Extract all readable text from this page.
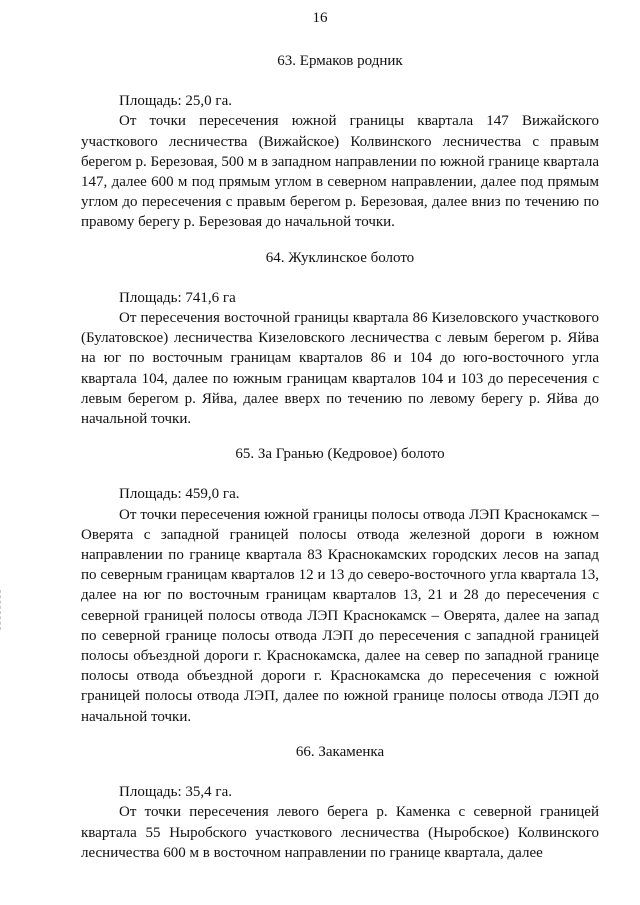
16

63. Ермаков родник

Площадь: 25,0 га.

От точки пересечения южной границы квартала 147 Вижайского участкового лесничества (Вижайское) Колвинского лесничества с правым берегом р. Березовая, 500 м в западном направлении по южной границе квартала 147, далее 600 м под прямым углом в северном направлении, далее под прямым углом до пересечения с правым берегом р. Березовая, далее вниз по течению по правому берегу р. Березовая до начальной точки.

64. Жуклинское болото

Площадь: 741,6 га

От пересечения восточной границы квартала 86 Кизеловского участкового (Булатовское) лесничества Кизеловского лесничества с левым берегом р. Яйва на юг по восточным границам кварталов 86 и 104 до юго-восточного угла квартала 104, далее по южным границам кварталов 104 и 103 до пересечения с левым берегом р. Яйва, далее вверх по течению по левому берегу р. Яйва до начальной точки.

65. За Гранью (Кедровое) болото

Площадь: 459,0 га.

От точки пересечения южной границы полосы отвода ЛЭП Краснокамск – Оверята с западной границей полосы отвода железной дороги в южном направлении по границе квартала 83 Краснокамских городских лесов на запад по северным границам кварталов 12 и 13 до северо-восточного угла квартала 13, далее на юг по восточным границам кварталов 13, 21 и 28 до пересечения с северной границей полосы отвода ЛЭП Краснокамск – Оверята, далее на запад по северной границе полосы отвода ЛЭП до пересечения с западной границей полосы объездной дороги г. Краснокамска, далее на север по западной границе полосы отвода объездной дороги г. Краснокамска до пересечения с южной границей полосы отвода ЛЭП, далее по южной границе полосы отвода ЛЭП до начальной точки.

66. Закаменка

Площадь: 35,4 га.

От точки пересечения левого берега р. Каменка с северной границей квартала 55 Ныробского участкового лесничества (Ныробское) Колвинского лесничества 600 м в восточном направлении по границе квартала, далее
